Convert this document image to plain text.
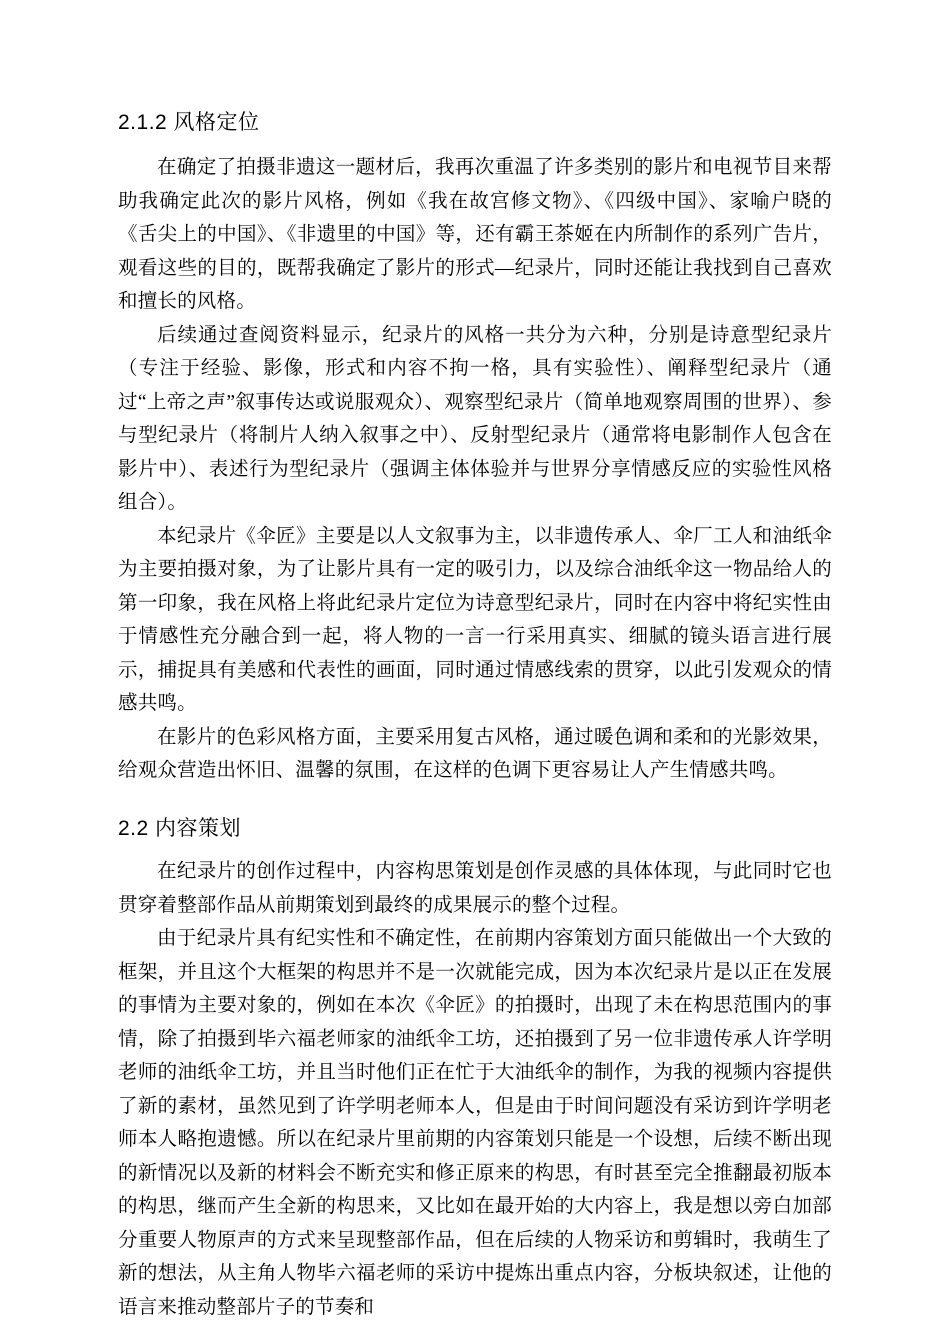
2.1.2 风格定位

在确定了拍摄非遗这一题材后，我再次重温了许多类别的影片和电视节目来帮助我确定此次的影片风格，例如《我在故宫修文物》、《四级中国》、家喻户晓的《舌尖上的中国》、《非遗里的中国》等，还有霸王茶姬在内所制作的系列广告片，观看这些的目的，既帮我确定了影片的形式—纪录片，同时还能让我找到自己喜欢和擅长的风格。

后续通过查阅资料显示，纪录片的风格一共分为六种，分别是诗意型纪录片（专注于经验、影像，形式和内容不拘一格，具有实验性）、阐释型纪录片（通过“上帝之声”叙事传达或说服观众）、观察型纪录片（简单地观察周围的世界）、参与型纪录片（将制片人纳入叙事之中）、反射型纪录片（通常将电影制作人包含在影片中）、表述行为型纪录片（强调主体体验并与世界分享情感反应的实验性风格组合）。

本纪录片《伞匠》主要是以人文叙事为主，以非遗传承人、伞厂工人和油纸伞为主要拍摄对象，为了让影片具有一定的吸引力，以及综合油纸伞这一物品给人的第一印象，我在风格上将此纪录片定位为诗意型纪录片，同时在内容中将纪实性由于情感性充分融合到一起，将人物的一言一行采用真实、细腻的镜头语言进行展示，捕捉具有美感和代表性的画面，同时通过情感线索的贯穿，以此引发观众的情感共鸣。

在影片的色彩风格方面，主要采用复古风格，通过暖色调和柔和的光影效果，给观众营造出怀旧、温馨的氛围，在这样的色调下更容易让人产生情感共鸣。

2.2 内容策划

在纪录片的创作过程中，内容构思策划是创作灵感的具体体现，与此同时它也贯穿着整部作品从前期策划到最终的成果展示的整个过程。

由于纪录片具有纪实性和不确定性，在前期内容策划方面只能做出一个大致的框架，并且这个大框架的构思并不是一次就能完成，因为本次纪录片是以正在发展的事情为主要对象的，例如在本次《伞匠》的拍摄时，出现了未在构思范围内的事情，除了拍摄到毕六福老师家的油纸伞工坊，还拍摄到了另一位非遗传承人许学明老师的油纸伞工坊，并且当时他们正在忙于大油纸伞的制作，为我的视频内容提供了新的素材，虽然见到了许学明老师本人，但是由于时间问题没有采访到许学明老师本人略抱遗憾。所以在纪录片里前期的内容策划只能是一个设想，后续不断出现的新情况以及新的材料会不断充实和修正原来的构思，有时甚至完全推翻最初版本的构思，继而产生全新的构思来，又比如在最开始的大内容上，我是想以旁白加部分重要人物原声的方式来呈现整部作品，但在后续的人物采访和剪辑时，我萌生了新的想法，从主角人物毕六福老师的采访中提炼出重点内容，分板块叙述，让他的语言来推动整部片子的节奏和
